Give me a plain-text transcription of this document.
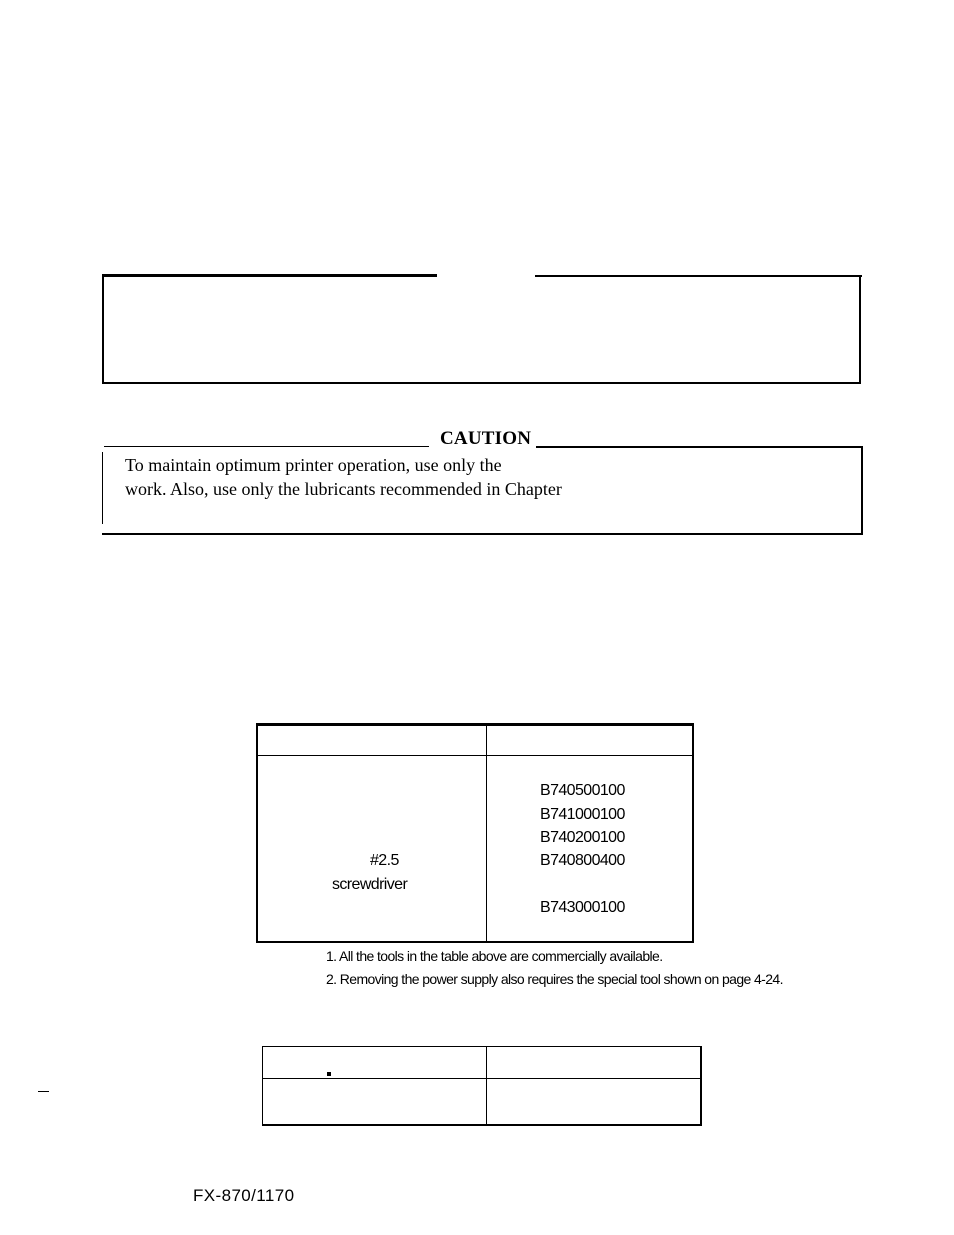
CAUTION
To maintain optimum printer operation, use only the
work. Also, use only the lubricants recommended in Chapter
B740500100
B741000100
B740200100
B740800400
B743000100
#2.5
screwdriver
1. All the tools in the table above are commercially available.
2. Removing the power supply also requires the special tool shown on page 4-24.
FX-870/1170
